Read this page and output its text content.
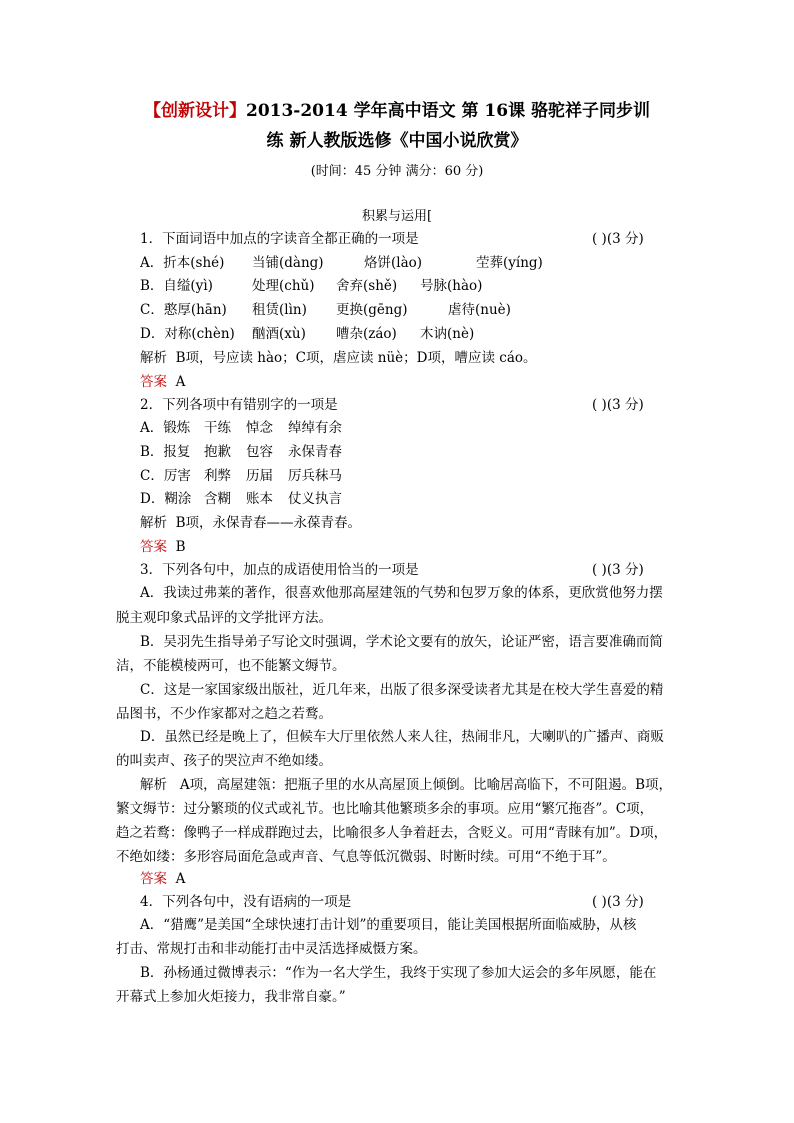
【创新设计】2013-2014 学年高中语文 第 16课 骆驼祥子同步训
练 新人教版选修《中国小说欣赏》
(时间：45 分钟 满分：60 分)
积累与运用[
1．下面词语中加点的字读音全都正确的一项是	( )(3 分)
A．折本(shé) 当铺(dàng)	烙饼(lào)	茔葬(yíng)
B．自缢(yì)	处理(chǔ) 舍弃(shě) 号脉(hào)
C．憨厚(hān) 租赁(lìn) 更换(gēng)	虐待(nuè)
D．对称(chèn) 酗酒(xù) 嘈杂(záo) 木讷(nè)
解析 B项，号应读 hào；C项，虐应读 nüè；D项，嘈应读 cáo。
答案 A
2．下列各项中有错别字的一项是	( )(3 分)
A．锻炼 干练 悼念 绰绰有余
B．报复 抱歉 包容 永保青春
C．厉害 利弊 历届 厉兵秣马
D．糊涂 含糊 账本 仗义执言
解析 B项，永保青春——永葆青春。
答案 B
3．下列各句中，加点的成语使用恰当的一项是	( )(3 分)
A．我读过弗莱的著作，很喜欢他那高屋建瓴的气势和包罗万象的体系，更欣赏他努力摆
脱主观印象式品评的文学批评方法。
B．吴羽先生指导弟子写论文时强调，学术论文要有的放矢，论证严密，语言要准确而简
洁，不能模棱两可，也不能繁文缛节。
C．这是一家国家级出版社，近几年来，出版了很多深受读者尤其是在校大学生喜爱的精
品图书，不少作家都对之趋之若鹜。
D．虽然已经是晚上了，但候车大厅里依然人来人往，热闹非凡，大喇叭的广播声、商贩
的叫卖声、孩子的哭泣声不绝如缕。
解析 A项，高屋建瓴：把瓶子里的水从高屋顶上倾倒。比喻居高临下，不可阻遏。B项，
繁文缛节：过分繁琐的仪式或礼节。也比喻其他繁琐多余的事项。应用“繁冗拖沓”。C项，
趋之若鹜：像鸭子一样成群跑过去，比喻很多人争着赶去，含贬义。可用“青睐有加”。D项，
不绝如缕：多形容局面危急或声音、气息等低沉微弱、时断时续。可用“不绝于耳”。
答案 A
4．下列各句中，没有语病的一项是	( )(3 分)
A．“猎鹰”是美国“全球快速打击计划”的重要项目，能让美国根据所面临威胁，从核
打击、常规打击和非动能打击中灵活选择威慑方案。
B．孙杨通过微博表示：“作为一名大学生，我终于实现了参加大运会的多年夙愿，能在
开幕式上参加火炬接力，我非常自豪。”
